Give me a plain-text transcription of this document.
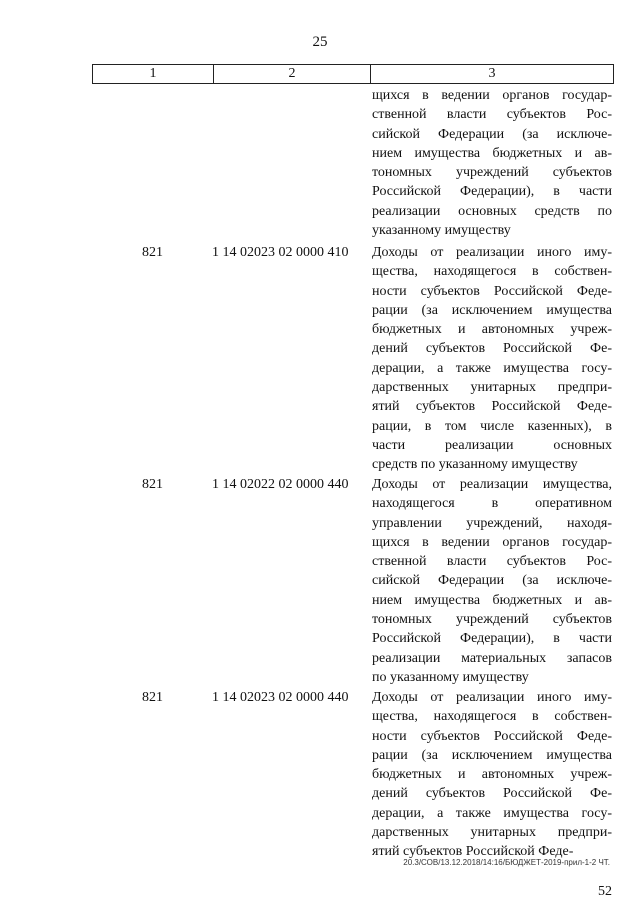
25
1	2	3
щихся в ведении органов государ-
ственной власти субъектов Рос-
сийской Федерации (за исключе-
нием имущества бюджетных и ав-
тономных учреждений субъектов
Российской Федерации), в части
реализации основных средств по
указанному имуществу
821	1 14 02023 02 0000 410 Доходы от реализации иного иму-
щества, находящегося в собствен-
ности субъектов Российской Феде-
рации (за исключением имущества
бюджетных и автономных учреж-
дений субъектов Российской Фе-
дерации, а также имущества госу-
дарственных унитарных предпри-
ятий субъектов Российской Феде-
рации, в том числе казенных), в
части реализации основных
средств по указанному имуществу
821	1 14 02022 02 0000 440 Доходы от реализации имущества,
находящегося в оперативном
управлении учреждений, находя-
щихся в ведении органов государ-
ственной власти субъектов Рос-
сийской Федерации (за исключе-
нием имущества бюджетных и ав-
тономных учреждений субъектов
Российской Федерации), в части
реализации материальных запасов
по указанному имуществу
821	1 14 02023 02 0000 440 Доходы от реализации иного иму-
щества, находящегося в собствен-
ности субъектов Российской Феде-
рации (за исключением имущества
бюджетных и автономных учреж-
дений субъектов Российской Фе-
дерации, а также имущества госу-
дарственных унитарных предпри-
ятий субъектов Российской Феде-
20.3/СОВ/13.12.2018/14:16/БЮДЖЕТ-2019-прил-1-2 ЧТ.
52
